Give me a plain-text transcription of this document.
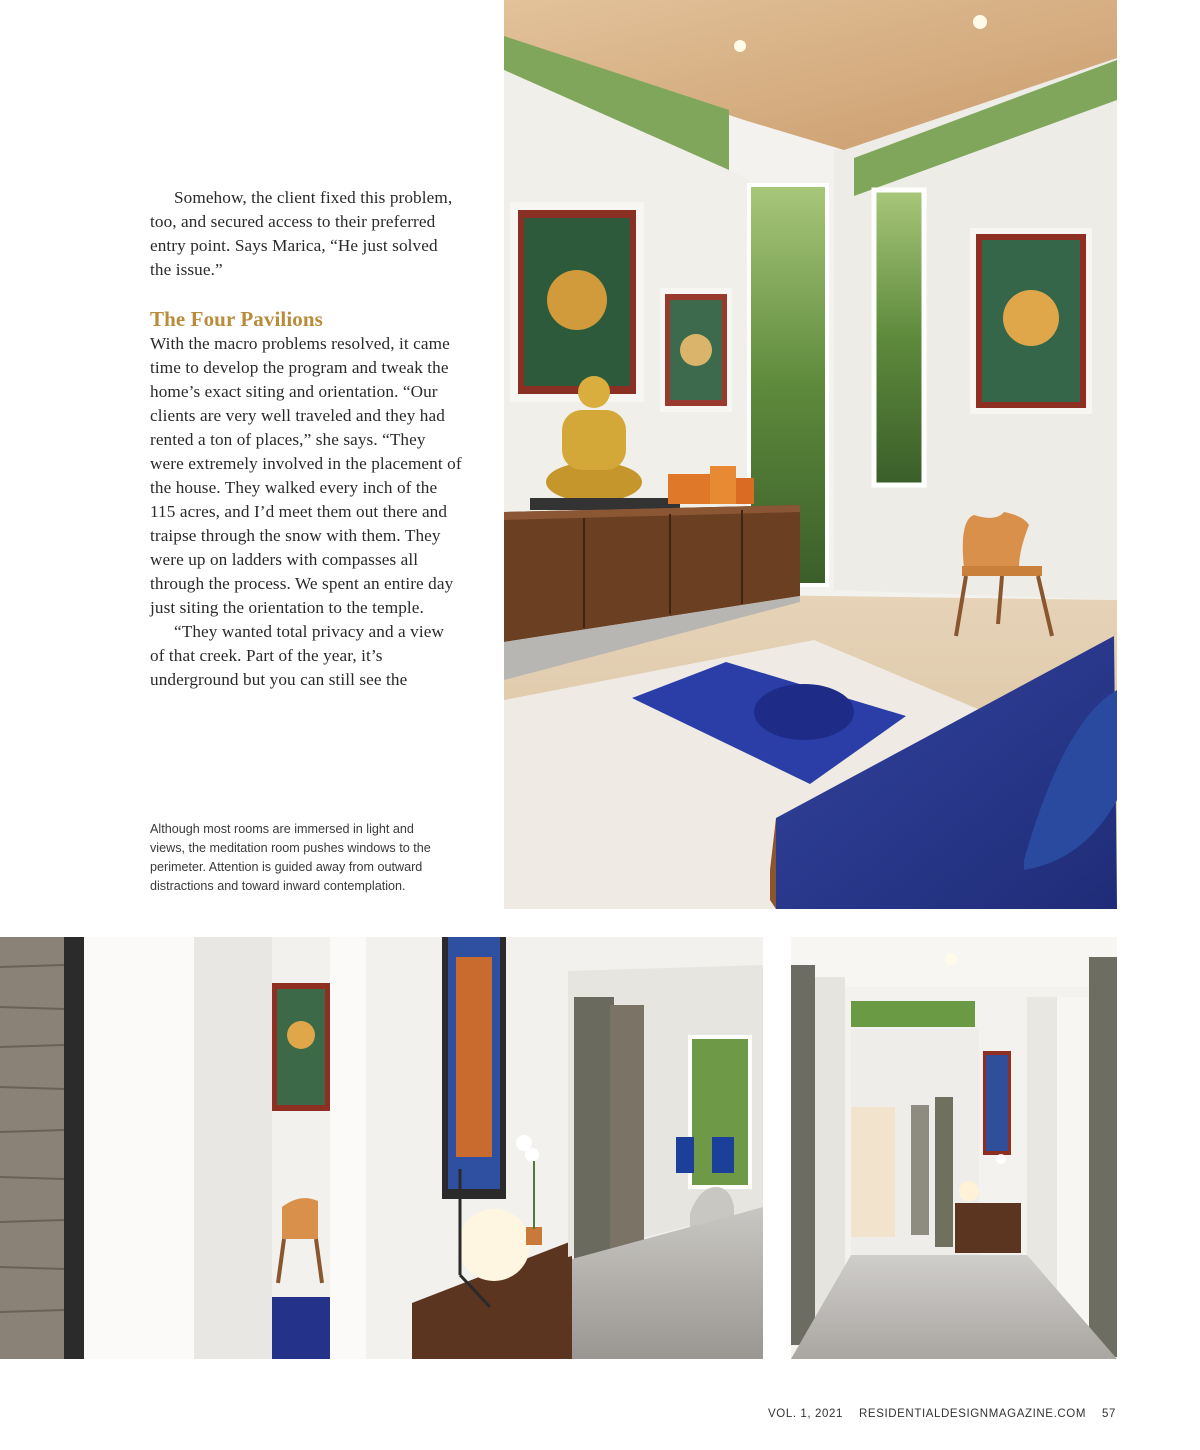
Somehow, the client fixed this problem, too, and secured access to their preferred entry point. Says Marica, “He just solved the issue.”

The Four Pavilions

With the macro problems resolved, it came time to develop the program and tweak the home’s exact siting and orientation. “Our clients are very well traveled and they had rented a ton of places,” she says. “They were extremely involved in the placement of the house. They walked every inch of the 115 acres, and I’d meet them out there and traipse through the snow with them. They were up on ladders with compasses all through the process. We spent an entire day just siting the orientation to the temple.

“They wanted total privacy and a view of that creek. Part of the year, it’s underground but you can still see the

Although most rooms are immersed in light and views, the meditation room pushes windows to the perimeter. Attention is guided away from outward distractions and toward inward contemplation.
VOL. 1, 2021 RESIDENTIALDESIGNMAGAZINE.COM 57
